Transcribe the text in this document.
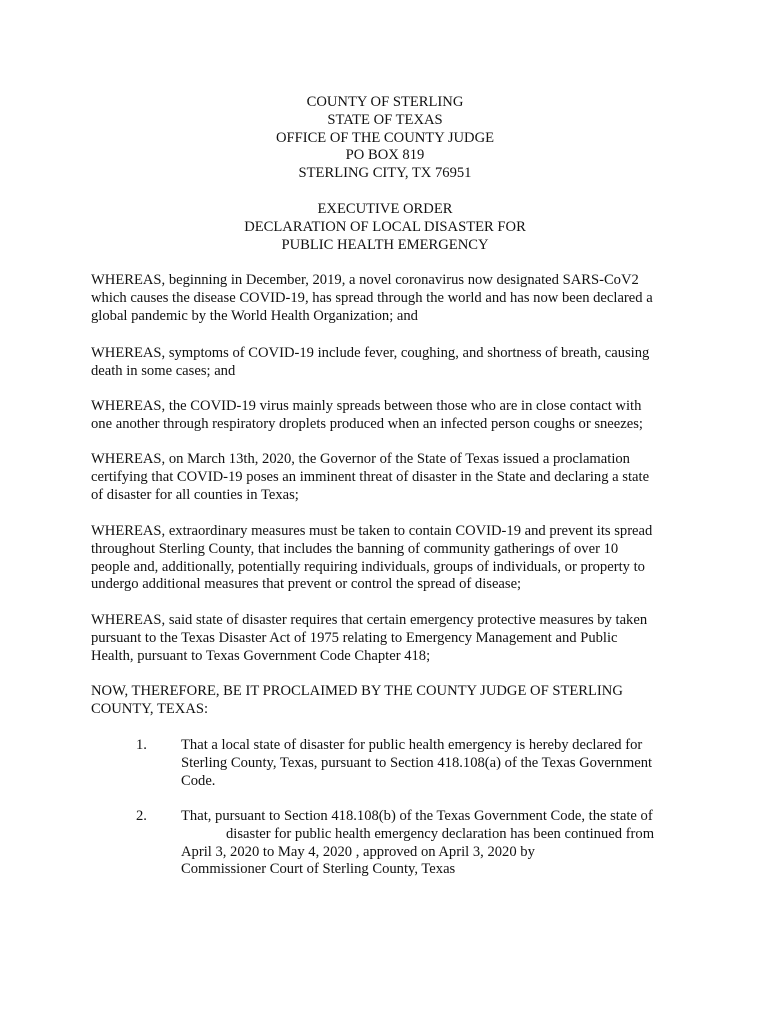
COUNTY OF STERLING
STATE OF TEXAS
OFFICE OF THE COUNTY JUDGE
PO BOX 819
STERLING CITY, TX 76951
EXECUTIVE ORDER
DECLARATION OF LOCAL DISASTER FOR
PUBLIC HEALTH EMERGENCY
WHEREAS, beginning in December, 2019, a novel coronavirus now designated SARS-CoV2
which causes the disease COVID-19, has spread through the world and has now been declared a
global pandemic by the World Health Organization; and
WHEREAS, symptoms of COVID-19 include fever, coughing, and shortness of breath, causing
death in some cases; and
WHEREAS, the COVID-19 virus mainly spreads between those who are in close contact with
one another through respiratory droplets produced when an infected person coughs or sneezes;
WHEREAS, on March 13th, 2020, the Governor of the State of Texas issued a proclamation
certifying that COVID-19 poses an imminent threat of disaster in the State and declaring a state
of disaster for all counties in Texas;
WHEREAS, extraordinary measures must be taken to contain COVID-19 and prevent its spread
throughout Sterling County, that includes the banning of community gatherings of over 10
people and, additionally, potentially requiring individuals, groups of individuals, or property to
undergo additional measures that prevent or control the spread of disease;
WHEREAS, said state of disaster requires that certain emergency protective measures by taken
pursuant to the Texas Disaster Act of 1975 relating to Emergency Management and Public
Health, pursuant to Texas Government Code Chapter 418;
NOW, THEREFORE, BE IT PROCLAIMED BY THE COUNTY JUDGE OF STERLING
COUNTY, TEXAS:
1. That a local state of disaster for public health emergency is hereby declared for
Sterling County, Texas, pursuant to Section 418.108(a) of the Texas Government
Code.
2. That, pursuant to Section 418.108(b) of the Texas Government Code, the state of
disaster for public health emergency declaration has been continued from
April 3, 2020 to May 4, 2020 , approved on April 3, 2020 by
Commissioner Court of Sterling County, Texas
